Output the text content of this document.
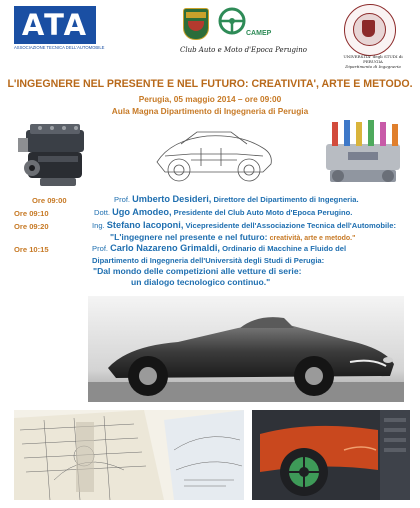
ATA
ASSOCIAZIONE TECNICA DELL'AUTOMOBILE
CAMEP
Club Auto e Moto d'Epoca Perugino
UNIVERSITA' degli STUDI di PERUGIA
Dipartimento di Ingegneria
L'INGEGNERE NEL PRESENTE E NEL FUTURO: CREATIVITA', ARTE E METODO.
Perugia, 05 maggio 2014 – ore 09:00
Aula Magna Dipartimento di Ingegneria di Perugia
Ore 09:00	Prof. Umberto Desideri, Direttore del Dipartimento di Ingegneria.
Ore 09:10	Dott. Ugo Amodeo, Presidente del Club Auto Moto d'Epoca Perugino.
Ore 09:20	Ing. Stefano Iacoponi, Vicepresidente dell'Associazione Tecnica dell'Automobile:
"L'ingegnere nel presente e nel futuro: creatività, arte e metodo."
Ore 10:15	Prof. Carlo Nazareno Grimaldi, Ordinario di Macchine a Fluido del
Dipartimento di Ingegneria dell'Università degli Studi di Perugia:
"Dal mondo delle competizioni alle vetture di serie:
un dialogo tecnologico continuo."
